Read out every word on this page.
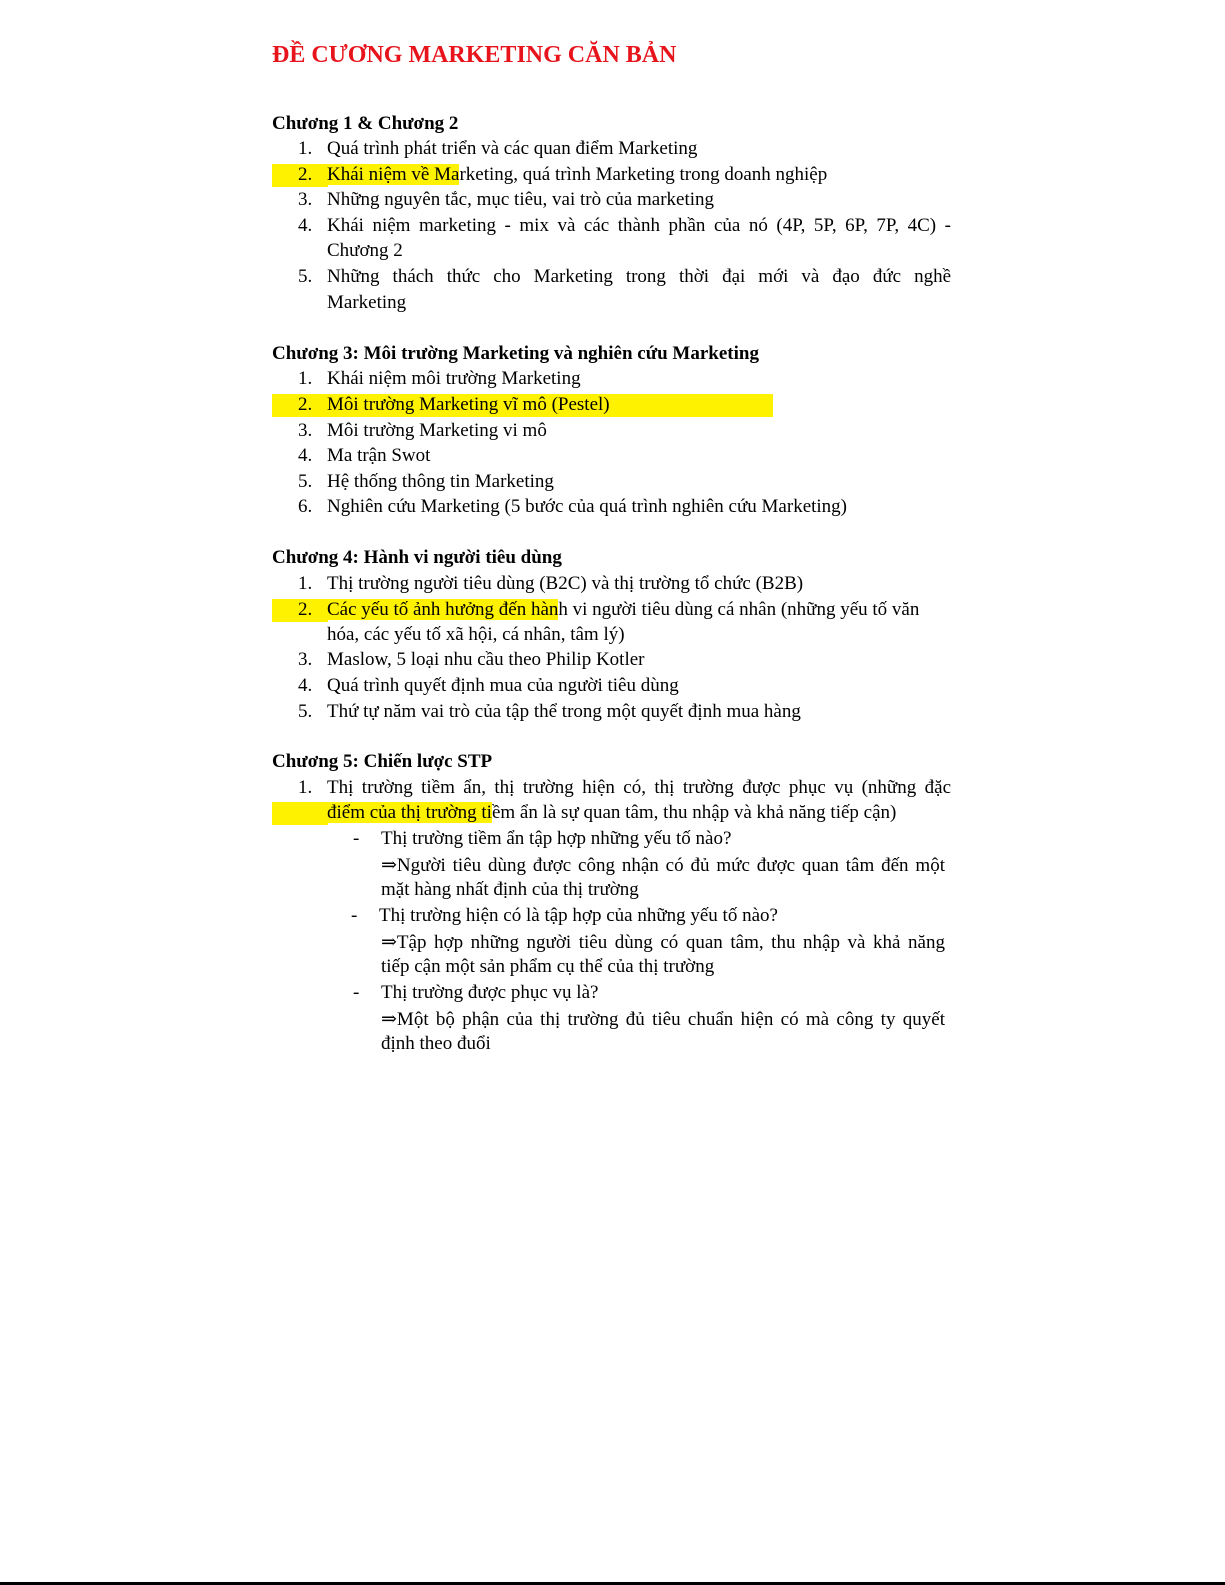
ĐỀ CƯƠNG MARKETING CĂN BẢN
Chương 1 & Chương 2
1. Quá trình phát triển và các quan điểm Marketing
2. Khái niệm về Marketing, quá trình Marketing trong doanh nghiệp
3. Những nguyên tắc, mục tiêu, vai trò của marketing
4. Khái niệm marketing - mix và các thành phần của nó (4P, 5P, 6P, 7P, 4C) -
Chương 2
5. Những thách thức cho Marketing trong thời đại mới và đạo đức nghề
Marketing
Chương 3: Môi trường Marketing và nghiên cứu Marketing
1. Khái niệm môi trường Marketing
2. Môi trường Marketing vĩ mô (Pestel)
3. Môi trường Marketing vi mô
4. Ma trận Swot
5. Hệ thống thông tin Marketing
6. Nghiên cứu Marketing (5 bước của quá trình nghiên cứu Marketing)
Chương 4: Hành vi người tiêu dùng
1. Thị trường người tiêu dùng (B2C) và thị trường tổ chức (B2B)
2. Các yếu tố ảnh hưởng đến hành vi người tiêu dùng cá nhân (những yếu tố văn
hóa, các yếu tố xã hội, cá nhân, tâm lý)
3. Maslow, 5 loại nhu cầu theo Philip Kotler
4. Quá trình quyết định mua của người tiêu dùng
5. Thứ tự năm vai trò của tập thể trong một quyết định mua hàng
Chương 5: Chiến lược STP
1. Thị trường tiềm ẩn, thị trường hiện có, thị trường được phục vụ (những đặc
điểm của thị trường tiềm ẩn là sự quan tâm, thu nhập và khả năng tiếp cận)
- Thị trường tiềm ẩn tập hợp những yếu tố nào?
⇒Người tiêu dùng được công nhận có đủ mức được quan tâm đến một
mặt hàng nhất định của thị trường
- Thị trường hiện có là tập hợp của những yếu tố nào?
⇒Tập hợp những người tiêu dùng có quan tâm, thu nhập và khả năng
tiếp cận một sản phẩm cụ thể của thị trường
- Thị trường được phục vụ là?
⇒Một bộ phận của thị trường đủ tiêu chuẩn hiện có mà công ty quyết
định theo đuổi
